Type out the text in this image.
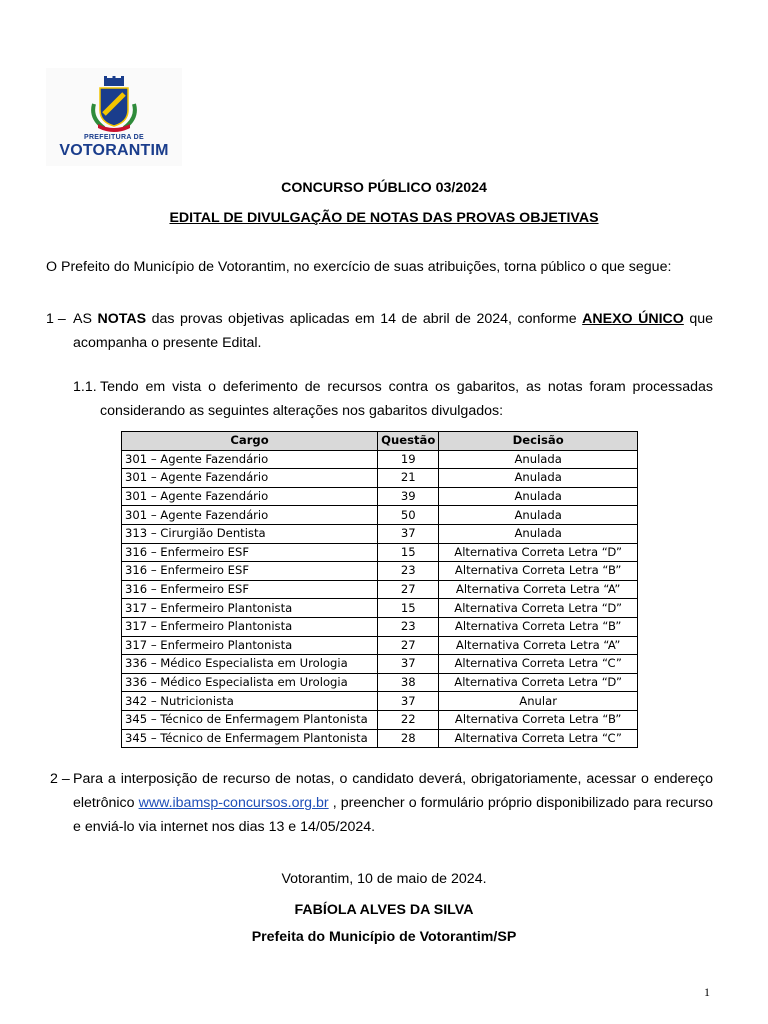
PREFEITURA DE
VOTORANTIM
CONCURSO PÚBLICO 03/2024
EDITAL DE DIVULGAÇÃO DE NOTAS DAS PROVAS OBJETIVAS
O Prefeito do Município de Votorantim, no exercício de suas atribuições, torna público o que segue:
1 – AS NOTAS das provas objetivas aplicadas em 14 de abril de 2024, conforme ANEXO ÚNICO que acompanha o presente Edital.
1.1. Tendo em vista o deferimento de recursos contra os gabaritos, as notas foram processadas considerando as seguintes alterações nos gabaritos divulgados:
Cargo	Questão	Decisão
301 – Agente Fazendário	19	Anulada
301 – Agente Fazendário	21	Anulada
301 – Agente Fazendário	39	Anulada
301 – Agente Fazendário	50	Anulada
313 – Cirurgião Dentista	37	Anulada
316 – Enfermeiro ESF	15	Alternativa Correta Letra “D”
316 – Enfermeiro ESF	23	Alternativa Correta Letra “B”
316 – Enfermeiro ESF	27	Alternativa Correta Letra “A”
317 – Enfermeiro Plantonista	15	Alternativa Correta Letra “D”
317 – Enfermeiro Plantonista	23	Alternativa Correta Letra “B”
317 – Enfermeiro Plantonista	27	Alternativa Correta Letra “A”
336 – Médico Especialista em Urologia	37	Alternativa Correta Letra “C”
336 – Médico Especialista em Urologia	38	Alternativa Correta Letra “D”
342 – Nutricionista	37	Anular
345 – Técnico de Enfermagem Plantonista	22	Alternativa Correta Letra “B”
345 – Técnico de Enfermagem Plantonista	28	Alternativa Correta Letra “C”
2 – Para a interposição de recurso de notas, o candidato deverá, obrigatoriamente, acessar o endereço eletrônico www.ibamsp-concursos.org.br , preencher o formulário próprio disponibilizado para recurso e enviá-lo via internet nos dias 13 e 14/05/2024.
Votorantim, 10 de maio de 2024.
FABÍOLA ALVES DA SILVA
Prefeita do Município de Votorantim/SP
1
